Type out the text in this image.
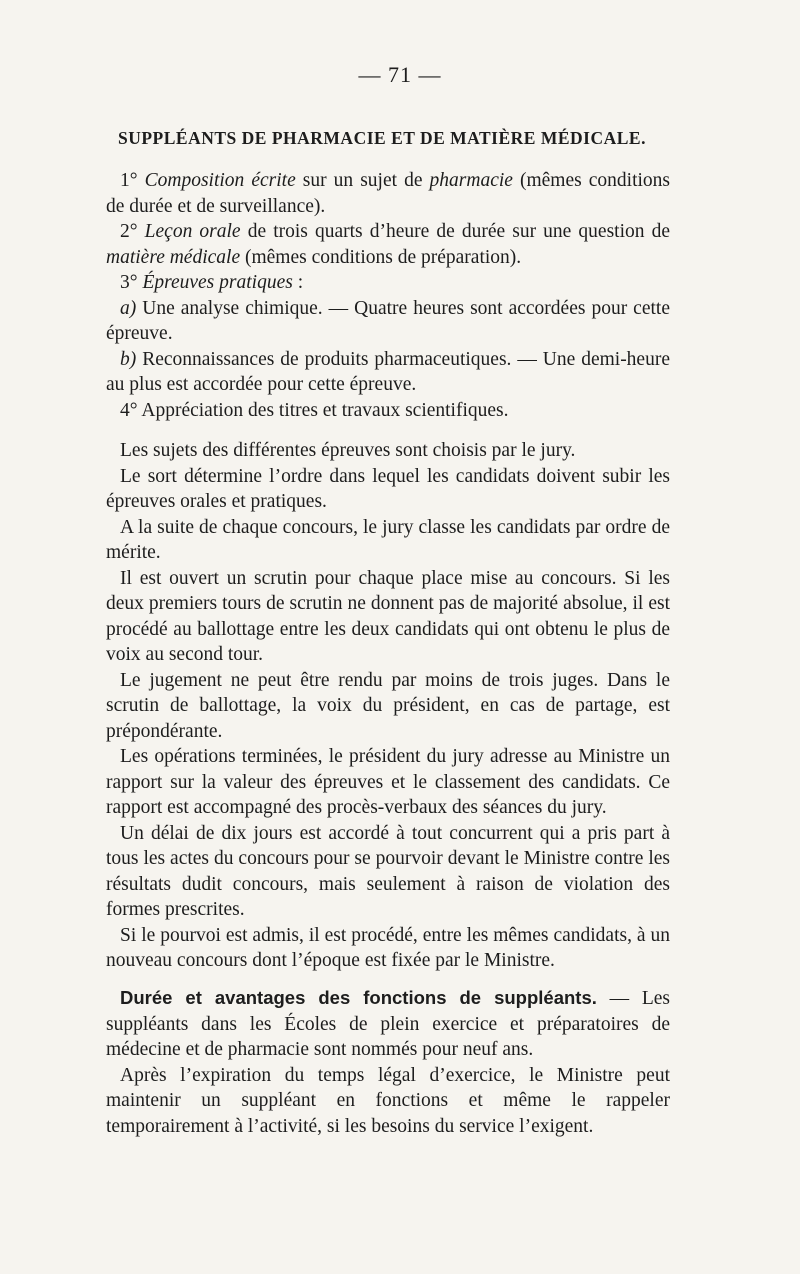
— 71 —
SUPPLÉANTS DE PHARMACIE ET DE MATIÈRE MÉDICALE.

1° Composition écrite sur un sujet de pharmacie (mêmes conditions de durée et de surveillance).

2° Leçon orale de trois quarts d’heure de durée sur une question de matière médicale (mêmes conditions de préparation).

3° Épreuves pratiques :

a) Une analyse chimique. — Quatre heures sont accordées pour cette épreuve.

b) Reconnaissances de produits pharmaceutiques. — Une demi-heure au plus est accordée pour cette épreuve.

4° Appréciation des titres et travaux scientifiques.

Les sujets des différentes épreuves sont choisis par le jury.

Le sort détermine l’ordre dans lequel les candidats doivent subir les épreuves orales et pratiques.

A la suite de chaque concours, le jury classe les candidats par ordre de mérite.

Il est ouvert un scrutin pour chaque place mise au concours. Si les deux premiers tours de scrutin ne donnent pas de majorité absolue, il est procédé au ballottage entre les deux candidats qui ont obtenu le plus de voix au second tour.

Le jugement ne peut être rendu par moins de trois juges. Dans le scrutin de ballottage, la voix du président, en cas de partage, est prépondérante.

Les opérations terminées, le président du jury adresse au Ministre un rapport sur la valeur des épreuves et le classement des candidats. Ce rapport est accompagné des procès-verbaux des séances du jury.

Un délai de dix jours est accordé à tout concurrent qui a pris part à tous les actes du concours pour se pourvoir devant le Ministre contre les résultats dudit concours, mais seulement à raison de violation des formes prescrites.

Si le pourvoi est admis, il est procédé, entre les mêmes candidats, à un nouveau concours dont l’époque est fixée par le Ministre.

Durée et avantages des fonctions de suppléants. — Les suppléants dans les Écoles de plein exercice et préparatoires de médecine et de pharmacie sont nommés pour neuf ans.

Après l’expiration du temps légal d’exercice, le Ministre peut maintenir un suppléant en fonctions et même le rappeler temporairement à l’activité, si les besoins du service l’exigent.
